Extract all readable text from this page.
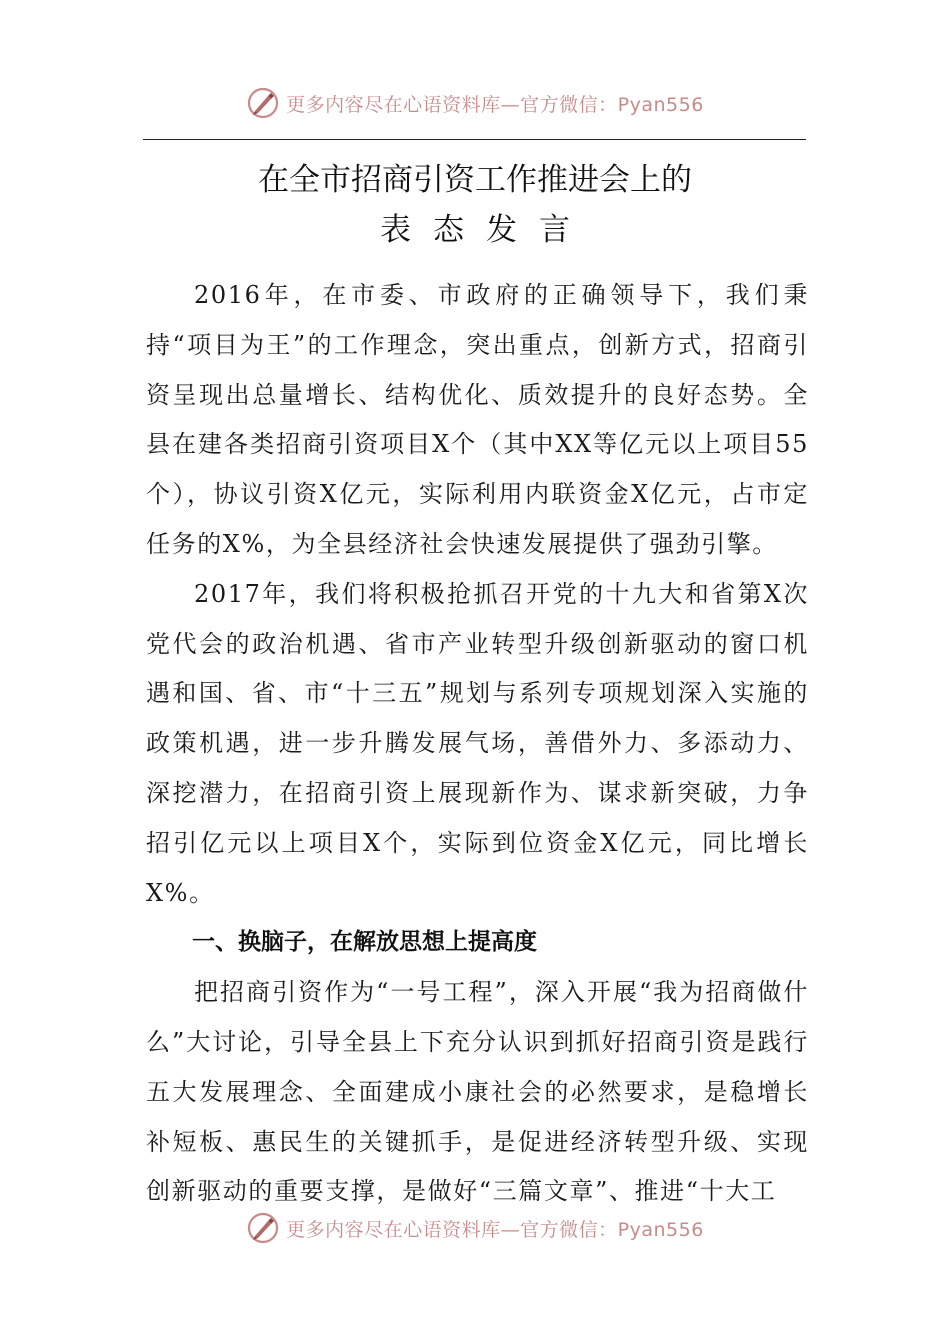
更多内容尽在心语资料库—官方微信：Pyan556
在全市招商引资工作推进会上的
表态发言

2016年，在市委、市政府的正确领导下，我们秉持“项目为王”的工作理念，突出重点，创新方式，招商引资呈现出总量增长、结构优化、质效提升的良好态势。全县在建各类招商引资项目X个（其中XX等亿元以上项目55个），协议引资X亿元，实际利用内联资金X亿元，占市定任务的X%，为全县经济社会快速发展提供了强劲引擎。

2017年，我们将积极抢抓召开党的十九大和省第X次党代会的政治机遇、省市产业转型升级创新驱动的窗口机遇和国、省、市“十三五”规划与系列专项规划深入实施的政策机遇，进一步升腾发展气场，善借外力、多添动力、深挖潜力，在招商引资上展现新作为、谋求新突破，力争招引亿元以上项目X个，实际到位资金X亿元，同比增长X%。

一、换脑子，在解放思想上提高度

把招商引资作为“一号工程”，深入开展“我为招商做什么”大讨论，引导全县上下充分认识到抓好招商引资是践行五大发展理念、全面建成小康社会的必然要求，是稳增长补短板、惠民生的关键抓手，是促进经济转型升级、实现创新驱动的重要支撑，是做好“三篇文章”、推进“十大工

更多内容尽在心语资料库—官方微信：Pyan556
